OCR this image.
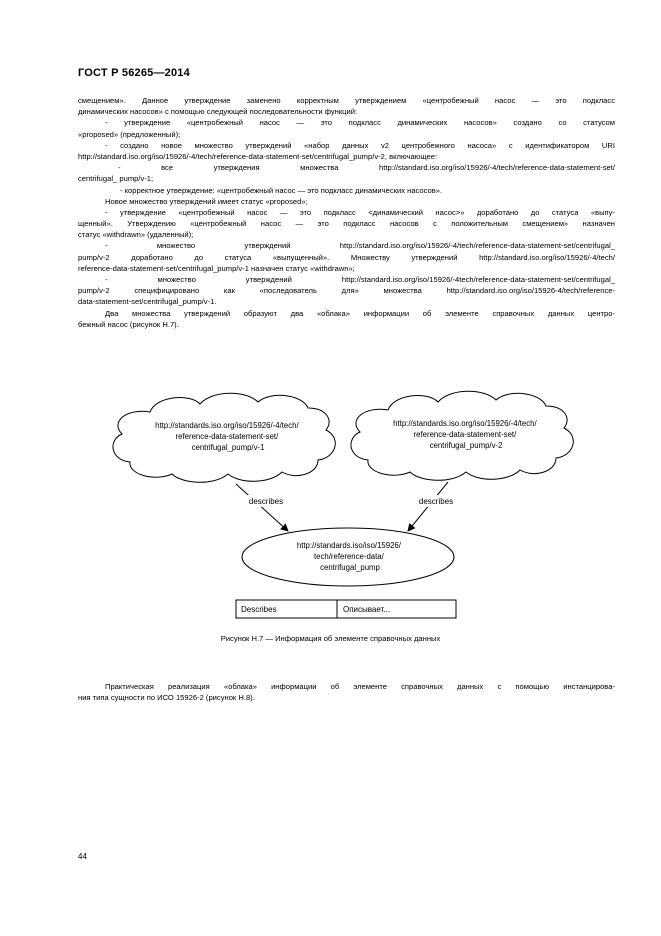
ГОСТ Р 56265—2014
смещением». Данное утверждение заменено корректным утверждением «центробежный насос — это подкласс
динамических насосов» с помощью следующей последовательности функций:
- утверждение «центробежный насос — это подкласс динамических насосов» создано со статусом
«proposed» (предложенный);
- создано новое множество утверждений «набор данных v2 центробежного насоса» с идентификатором URI
http://standard.iso.org/iso/15926/-4/tech/reference-data-statement-set/centrifugal_pump/v-2, включающее:
- все утверждения множества http://standard.iso.org/iso/15926/-4/tech/reference-data-statement-set/
centrifugal_ pump/v-1;
- корректное утверждение: «центробежный насос — это подкласс динамических насосов».
Новое множество утверждений имеет статус «proposed»;
- утверждение «центробежный насос — это подкласс <динамический насос>» доработано до статуса «выпу-
щенный». Утверждению «центробежный насос — это подкласс насосов с положительным смещением» назначен
статус «withdrawn» (удаленный);
- множество утверждений http://standard.iso.org/iso/15926/-4/tech/reference-data-statement-set/centrifugal_
pump/v-2 доработано до статуса «выпущенный». Множеству утверждений http://standard.iso.org/iso/15926/-4/tech/
reference-data-statement-set/centrifugal_pump/v-1 назначен статус «withdrawn»;
- множество утверждений http://standard.iso.org/iso/15926/-4tech/reference-data-statement-set/centrifugal_
pump/v-2 специфицировано как «последователь для» множества http://standard.iso.org/iso/15926-4/tech/reference-
data-statement-set/centrifugal_pump/v-1.
Два множества утверждений образуют два «облака» информации об элементе справочных данных центро-
бежный насос (рисунок Н.7).
http://standards.iso.org/iso/15926/-4/tech/ reference-data-statement-set/ centrifugal_pump/v-1
http://standards.iso.org/iso/15926/-4/tech/ reference-data-statement-set/ centrifugal_pump/v-2
describes	describes
http://standards.iso/iso/15926/ tech/reference-data/ centrifugal_pump
Describes	Описывает...
Рисунок Н.7 — Информация об элементе справочных данных
Практическая реализация «облака» информации об элементе справочных данных с помощью инстанцирова-
ния типа сущности по ИСО 15926-2 (рисунок Н.8).
44
